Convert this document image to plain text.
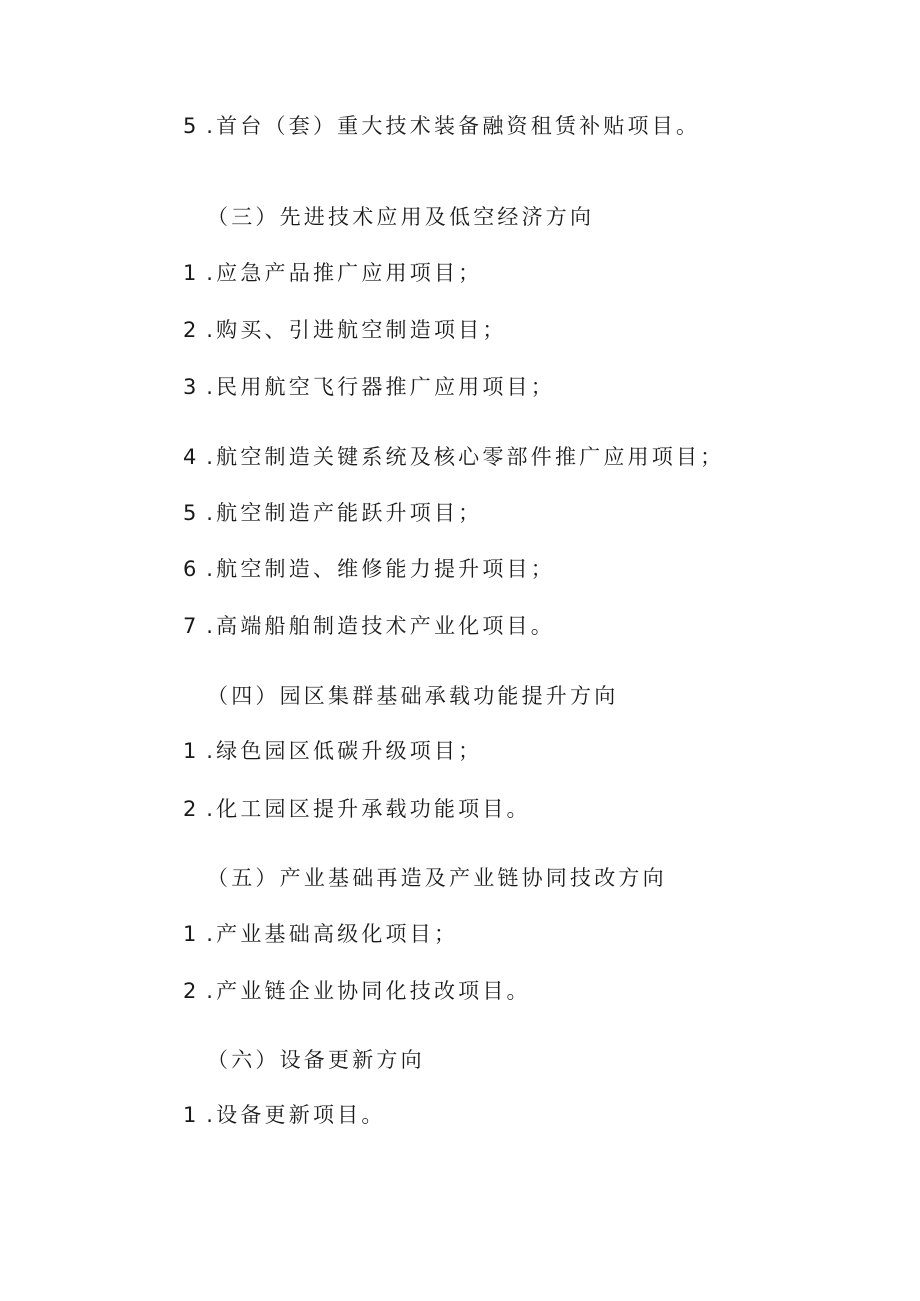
5 .首台（套）重大技术装备融资租赁补贴项目。
（三）先进技术应用及低空经济方向
1 .应急产品推广应用项目；
2 .购买、引进航空制造项目；
3 .民用航空飞行器推广应用项目；
4 .航空制造关键系统及核心零部件推广应用项目；
5 .航空制造产能跃升项目；
6 .航空制造、维修能力提升项目；
7 .高端船舶制造技术产业化项目。
（四）园区集群基础承载功能提升方向
1 .绿色园区低碳升级项目；
2 .化工园区提升承载功能项目。
（五）产业基础再造及产业链协同技改方向
1 .产业基础高级化项目；
2 .产业链企业协同化技改项目。
（六）设备更新方向
1 .设备更新项目。
